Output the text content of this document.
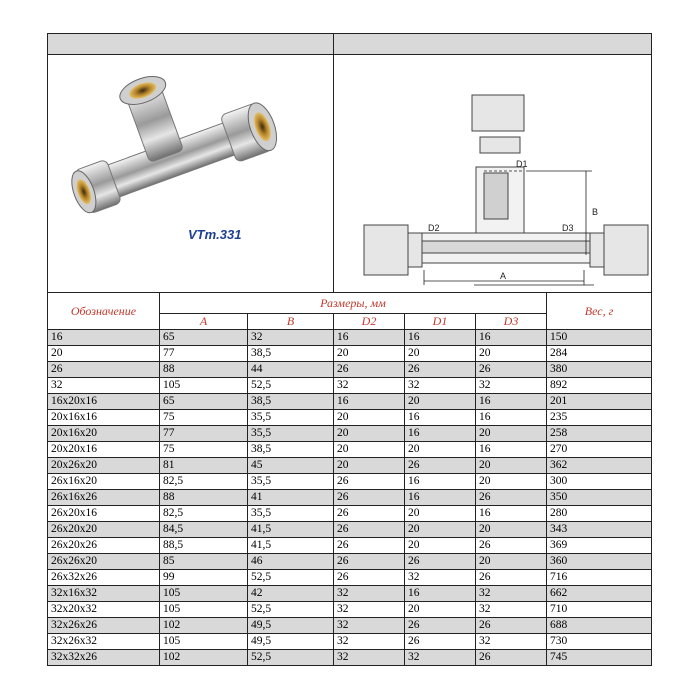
VTm.331			D1
D2 D3
A
B			

Обозначение	Размеры, мм					Вес, г
	A	B	D2	D1	D3	
16	65	32	16	16	16	150
20	77	38,5	20	20	20	284
26	88	44	26	26	26	380
32	105	52,5	32	32	32	892
16x20x16	65	38,5	16	20	16	201
20x16x16	75	35,5	20	16	16	235
20x16x20	77	35,5	20	16	20	258
20x20x16	75	38,5	20	20	16	270
20x26x20	81	45	20	26	20	362
26x16x20	82,5	35,5	26	16	20	300
26x16x26	88	41	26	16	26	350
26x20x16	82,5	35,5	26	20	16	280
26x20x20	84,5	41,5	26	20	20	343
26x20x26	88,5	41,5	26	20	26	369
26x26x20	85	46	26	26	20	360
26x32x26	99	52,5	26	32	26	716
32x16x32	105	42	32	16	32	662
32x20x32	105	52,5	32	20	32	710
32x26x26	102	49,5	32	26	26	688
32x26x32	105	49,5	32	26	32	730
32x32x26	102	52,5	32	32	26	745
